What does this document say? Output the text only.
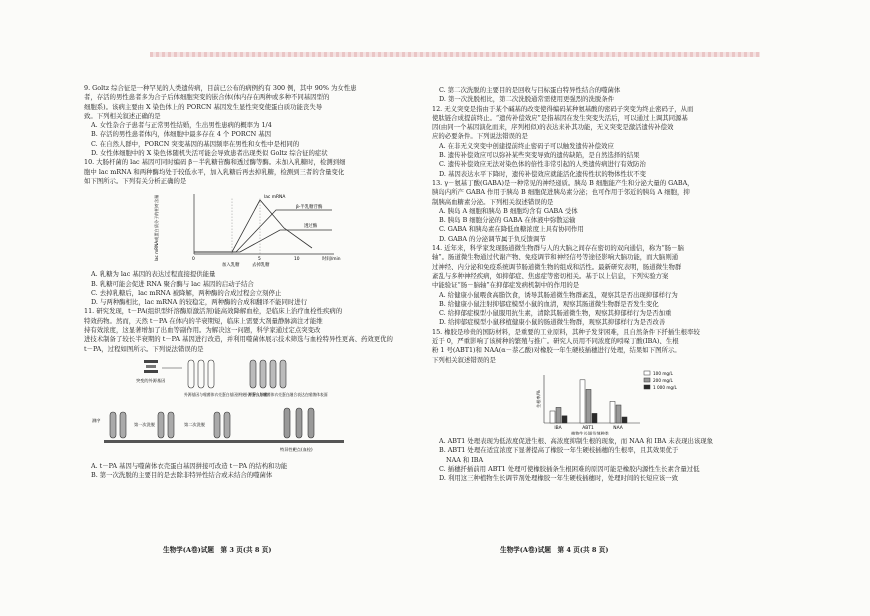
9. Goltz 综合征是一种罕见的人类遗传病，目前已公布的病例约有 300 例，其中 90% 为女性患

者，存活的男性患者多为合子后体细胞突变的嵌合体(体内存在两种或多种不同基因型的

细胞系)。该病主要由 X 染色体上的 PORCN 基因发生显性突变使蛋白质功能丧失导

致。下列相关叙述正确的是

A. 女性杂合子患者与正常男性结婚，生出男性患病的概率为 1/4

B. 存活的男性患者体内，体细胞中最多存在 4 个 PORCN 基因

C. 在自然人群中，PORCN 突变基因的基因频率在男性和女性中是相同的

D. 女性体细胞中的 X 染色体随机失活可能会导致患者出现类似 Goltz 综合征的症状

10. 大肠杆菌的 lac 基因可同时编码 β－半乳糖苷酶和透过酶等酶。未加入乳糖时，检测到细

胞中 lac mRNA 和两种酶均处于较低水平，加入乳糖后再去掉乳糖，检测到三者的含量变化

如下图所示。下列有关分析正确的是

lac mRNA或蛋白质分子的相对含量	lac mRNA
β-半乳糖苷酶
透过酶
0	5	10	时间/min
加入乳糖	去掉乳糖

A. 乳糖为 lac 基因的表达过程直接提供能量

B. 乳糖可能会促进 RNA 聚合酶与 lac 基因的启动子结合

C. 去掉乳糖后，lac mRNA 被降解，两种酶的合成过程会立刻停止

D. 与两种酶相比，lac mRNA 的较稳定，两种酶的合成和翻译不能同时进行

11. 研究发现，t－PA(组织型纤溶酶原激活剂)能高效降解血栓，是临床上治疗血栓性疾病的

特效药物。然而，天然 t－PA 在体内的半衰期短，临床上需要大剂量静脉滴注才能维

持有效浓度，这显著增加了出血等副作用。为解决这一问题，科学家通过定点突变改

进技术制备了较长半衰期的 t－PA 基因进行改造，并利用噬菌体展示技术筛选与血栓特异性更高、药效更优的

t－PA，过程如图所示。下列说法错误的是

突变的外源基因
外源基因与噬菌体衣壳蛋白基因拼接，并导入细菌
外源蛋白与噬菌体衣壳蛋白融合表达在噬菌体表面
测序
第一次洗脱	第二次洗脱
特异性靶点(血栓)

A. t－PA 基因与噬菌体衣壳蛋白基因拼接可改造 t－PA 的结构和功能

B. 第一次洗脱的主要目的是去除非特异性结合或未结合的噬菌体

生物学(A卷)试题　第 3 页(共 8 页)

C. 第二次洗脱的主要目的是回收与目标蛋白特异性结合的噬菌体

D. 第一次洗脱相比，第二次洗脱通常需使用更强烈的洗脱条件

12. 无义突变是指由于某个碱基的改变使得编码某种氨基酸的密码子突变为终止密码子，从而

使肽链合成提前终止。“遗传补偿效应”是指基因在发生突变失活后，可以通过上调其同源基

因(由同一个基因演化而来，序列相似)的表达来补其功能，无义突变是激活遗传补偿效

应的必要条件。下列说法错误的是

A. 在非无义突变中创建提前终止密码子可以触发遗传补偿效应

B. 遗传补偿效应可以弥补某些突变导致的遗传缺陷，是自然选择的结果

C. 遗传补偿效应无法对染色体的倍性非常引起的人类遗传病进行有效防治

D. 基因表达水平下降时，遗传补偿效应就能活化遗传性状的物体性状不变

13. γ－氨基丁酸(GABA)是一种常见的神经递质。胰岛 B 细胞能产生和分泌大量的 GABA，

胰岛内所产 GABA 作用于胰岛 B 细胞促进胰岛素分泌；也可作用于邻近的胰岛 A 细胞，抑

制胰高血糖素分泌。下列相关叙述错误的是

A. 胰岛 A 细胞和胰岛 B 细胞均含有 GABA 受体

B. 胰岛 B 细胞分泌的 GABA 在体液中弥散运输

C. GABA 和胰岛素在降低血糖浓度上具有协同作用

D. GABA 的分泌调节属于负反馈调节

14. 近年来，科学家发现肠道微生物群与人的大脑之间存在密切的双向通信，称为“肠－脑

轴”。肠道微生物通过代谢产物、免疫调节和神经信号等途径影响大脑功能，而大脑则通

过神经、内分泌和免疫系统调节肠道微生物的组成和活性。最新研究表明，肠道微生物群

紊乱与多种神经疾病，如抑郁症、焦虑症等密切相关。基于以上信息，下列实验方案

中能验证“肠－脑轴”在抑郁症发病机制中的作用的是

A. 给健康小鼠喂食高脂饮食，诱导其肠道微生物群紊乱，观察其是否出现抑郁样行为

B. 给健康小鼠注射抑郁症模型小鼠的血清，观察其肠道微生物群是否发生变化

C. 给抑郁症模型小鼠服用抗生素，清除其肠道微生物，观察其抑郁样行为是否加重

D. 给抑郁症模型小鼠移植健康小鼠的肠道微生物群，观察其抑郁样行为是否改善

15. 橡胶是珍贵的国防材料，是重要的工业原料，其种子发芽困难，且自然条件下扦插生根率较

近于 0，严重影响了该树种的繁殖与推广。研究人员用不同浓度的吲哚丁酸(IBA)、生根

粉 1 号(ABT1)和 NAA(α－萘乙酸)对橡胶一年生硬枝插穗进行处理，结果如下图所示。

下列相关叙述错误的是

生根率/%
IBA	ABT1	NAA
植物生长调节剂种类
100 mg/L
200 mg/L
1 000 mg/L

A. ABT1 处理表现为低浓度促进生根、高浓度抑制生根的现象，而 NAA 和 IBA 未表现出该现象

B. ABT1 处理在适宜浓度下显著提高了橡胶一年生硬枝插穗的生根率，且其效果优于

NAA 和 IBA

C. 插穗扦插前用 ABT1 处理可使橡胶插条生根困难的原因可能是橡胶内源性生长素含量过低

D. 利用这三种植物生长调节剂处理橡胶一年生硬枝插穗时，处理时间的长短应该一致

生物学(A卷)试题　第 4 页(共 8 页)
